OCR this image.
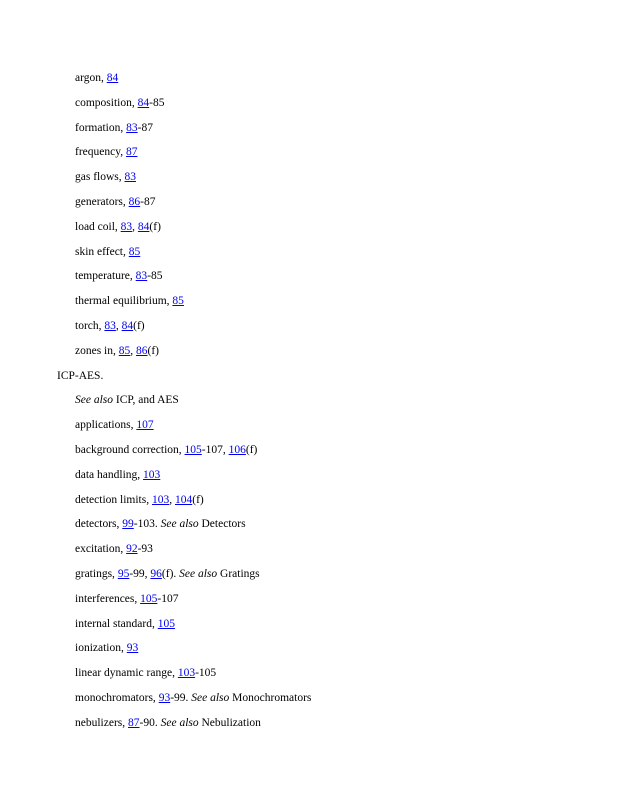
argon, 84
composition, 84-85
formation, 83-87
frequency, 87
gas flows, 83
generators, 86-87
load coil, 83, 84(f)
skin effect, 85
temperature, 83-85
thermal equilibrium, 85
torch, 83, 84(f)
zones in, 85, 86(f)
ICP-AES.
See also ICP, and AES
applications, 107
background correction, 105-107, 106(f)
data handling, 103
detection limits, 103, 104(f)
detectors, 99-103. See also Detectors
excitation, 92-93
gratings, 95-99, 96(f). See also Gratings
interferences, 105-107
internal standard, 105
ionization, 93
linear dynamic range, 103-105
monochromators, 93-99. See also Monochromators
nebulizers, 87-90. See also Nebulization
